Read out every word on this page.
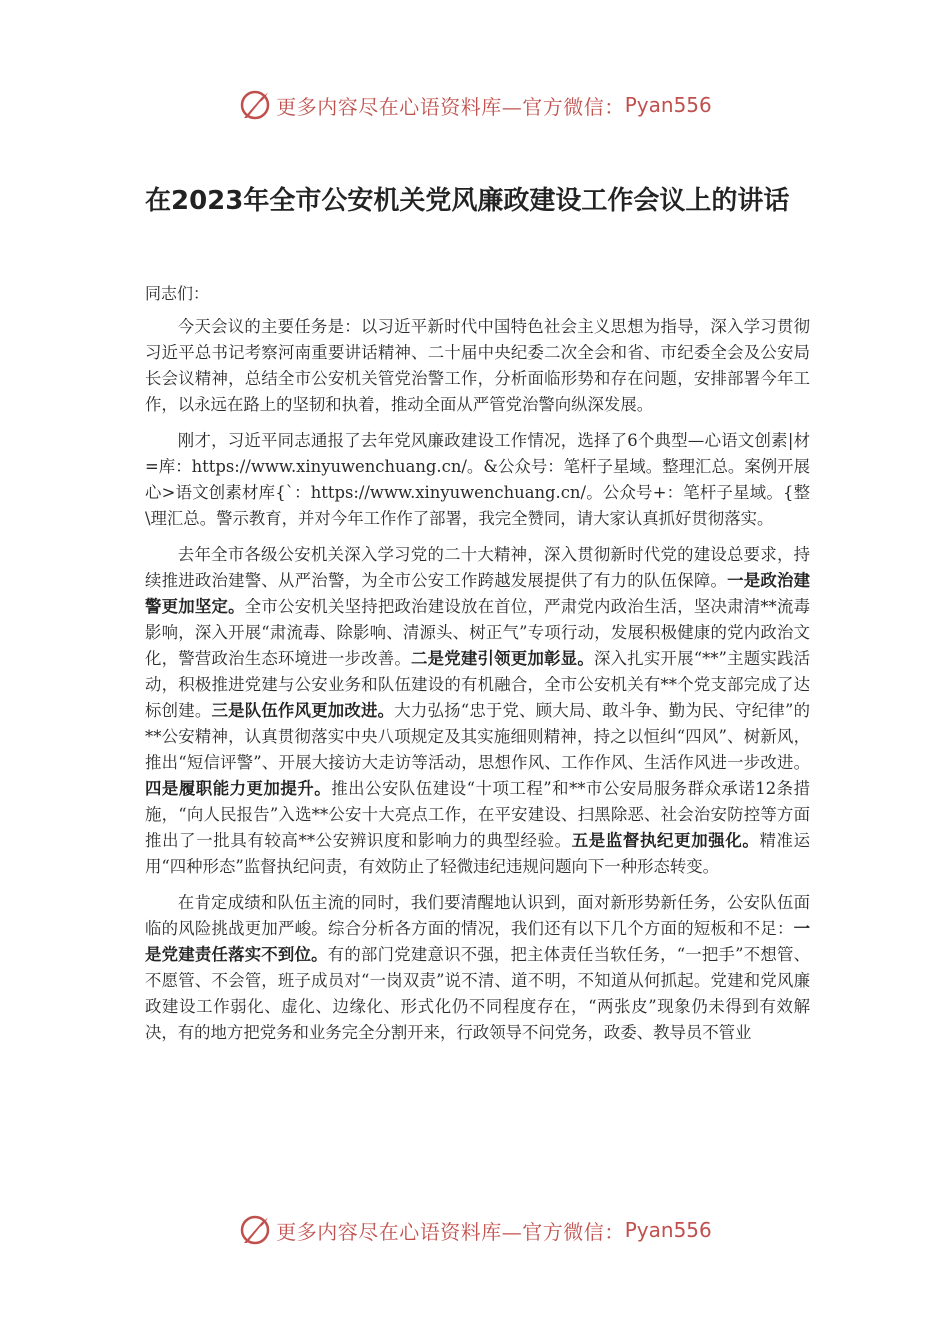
更多内容尽在心语资料库—官方微信： Pyan556
在2023年全市公安机关党风廉政建设工作会议上的讲话

同志们：

今天会议的主要任务是：以习近平新时代中国特色社会主义思想为指导，深入学习贯彻习近平总书记考察河南重要讲话精神、二十届中央纪委二次全会和省、市纪委全会及公安局长会议精神，总结全市公安机关管党治警工作，分析面临形势和存在问题，安排部署今年工作，以永远在路上的坚韧和执着，推动全面从严管党治警向纵深发展。

刚才，习近平同志通报了去年党风廉政建设工作情况，选择了6个典型—心语文创素|材=库：https://www.xinyuwenchuang.cn/。&公众号：笔杆子星域。整理汇总。案例开展心>语文创素材库{`：https://www.xinyuwenchuang.cn/。公众号+：笔杆子星域。{整\理汇总。警示教育，并对今年工作作了部署，我完全赞同，请大家认真抓好贯彻落实。

去年全市各级公安机关深入学习党的二十大精神，深入贯彻新时代党的建设总要求，持续推进政治建警、从严治警，为全市公安工作跨越发展提供了有力的队伍保障。一是政治建警更加坚定。全市公安机关坚持把政治建设放在首位，严肃党内政治生活，坚决肃清**流毒影响，深入开展“肃流毒、除影响、清源头、树正气”专项行动，发展积极健康的党内政治文化，警营政治生态环境进一步改善。二是党建引领更加彰显。深入扎实开展“**”主题实践活动，积极推进党建与公安业务和队伍建设的有机融合，全市公安机关有**个党支部完成了达标创建。三是队伍作风更加改进。大力弘扬“忠于党、顾大局、敢斗争、勤为民、守纪律”的**公安精神，认真贯彻落实中央八项规定及其实施细则精神，持之以恒纠“四风”、树新风，推出“短信评警”、开展大接访大走访等活动，思想作风、工作作风、生活作风进一步改进。四是履职能力更加提升。推出公安队伍建设“十项工程”和**市公安局服务群众承诺12条措施，“向人民报告”入选**公安十大亮点工作，在平安建设、扫黑除恶、社会治安防控等方面推出了一批具有较高**公安辨识度和影响力的典型经验。五是监督执纪更加强化。精准运用“四种形态”监督执纪问责，有效防止了轻微违纪违规问题向下一种形态转变。

在肯定成绩和队伍主流的同时，我们要清醒地认识到，面对新形势新任务，公安队伍面临的风险挑战更加严峻。综合分析各方面的情况，我们还有以下几个方面的短板和不足：一是党建责任落实不到位。有的部门党建意识不强，把主体责任当软任务，“一把手”不想管、不愿管、不会管，班子成员对“一岗双责”说不清、道不明，不知道从何抓起。党建和党风廉政建设工作弱化、虚化、边缘化、形式化仍不同程度存在，“两张皮”现象仍未得到有效解决，有的地方把党务和业务完全分割开来，行政领导不问党务，政委、教导员不管业

更多内容尽在心语资料库—官方微信： Pyan556
